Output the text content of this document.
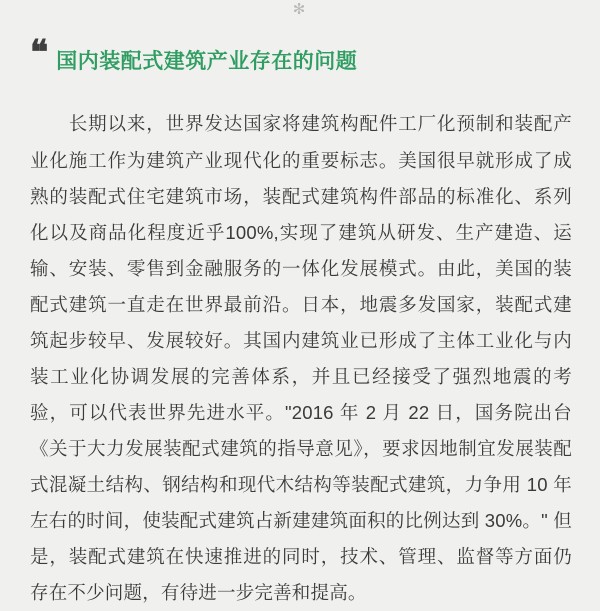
✻
❝ 国内装配式建筑产业存在的问题

　　长期以来，世界发达国家将建筑构配件工厂化预制和装配产业化施工作为建筑产业现代化的重要标志。美国很早就形成了成熟的装配式住宅建筑市场，装配式建筑构件部品的标准化、系列化以及商品化程度近乎100%,实现了建筑从研发、生产建造、运输、安装、零售到金融服务的一体化发展模式。由此，美国的装配式建筑一直走在世界最前沿。日本，地震多发国家，装配式建筑起步较早、发展较好。其国内建筑业已形成了主体工业化与内装工业化协调发展的完善体系，并且已经接受了强烈地震的考验，可以代表世界先进水平。"2016 年 2 月 22 日，国务院出台《关于大力发展装配式建筑的指导意见》，要求因地制宜发展装配式混凝土结构、钢结构和现代木结构等装配式建筑，力争用 10 年左右的时间，使装配式建筑占新建建筑面积的比例达到 30%。" 但是，装配式建筑在快速推进的同时，技术、管理、监督等方面仍存在不少问题，有待进一步完善和提高。
